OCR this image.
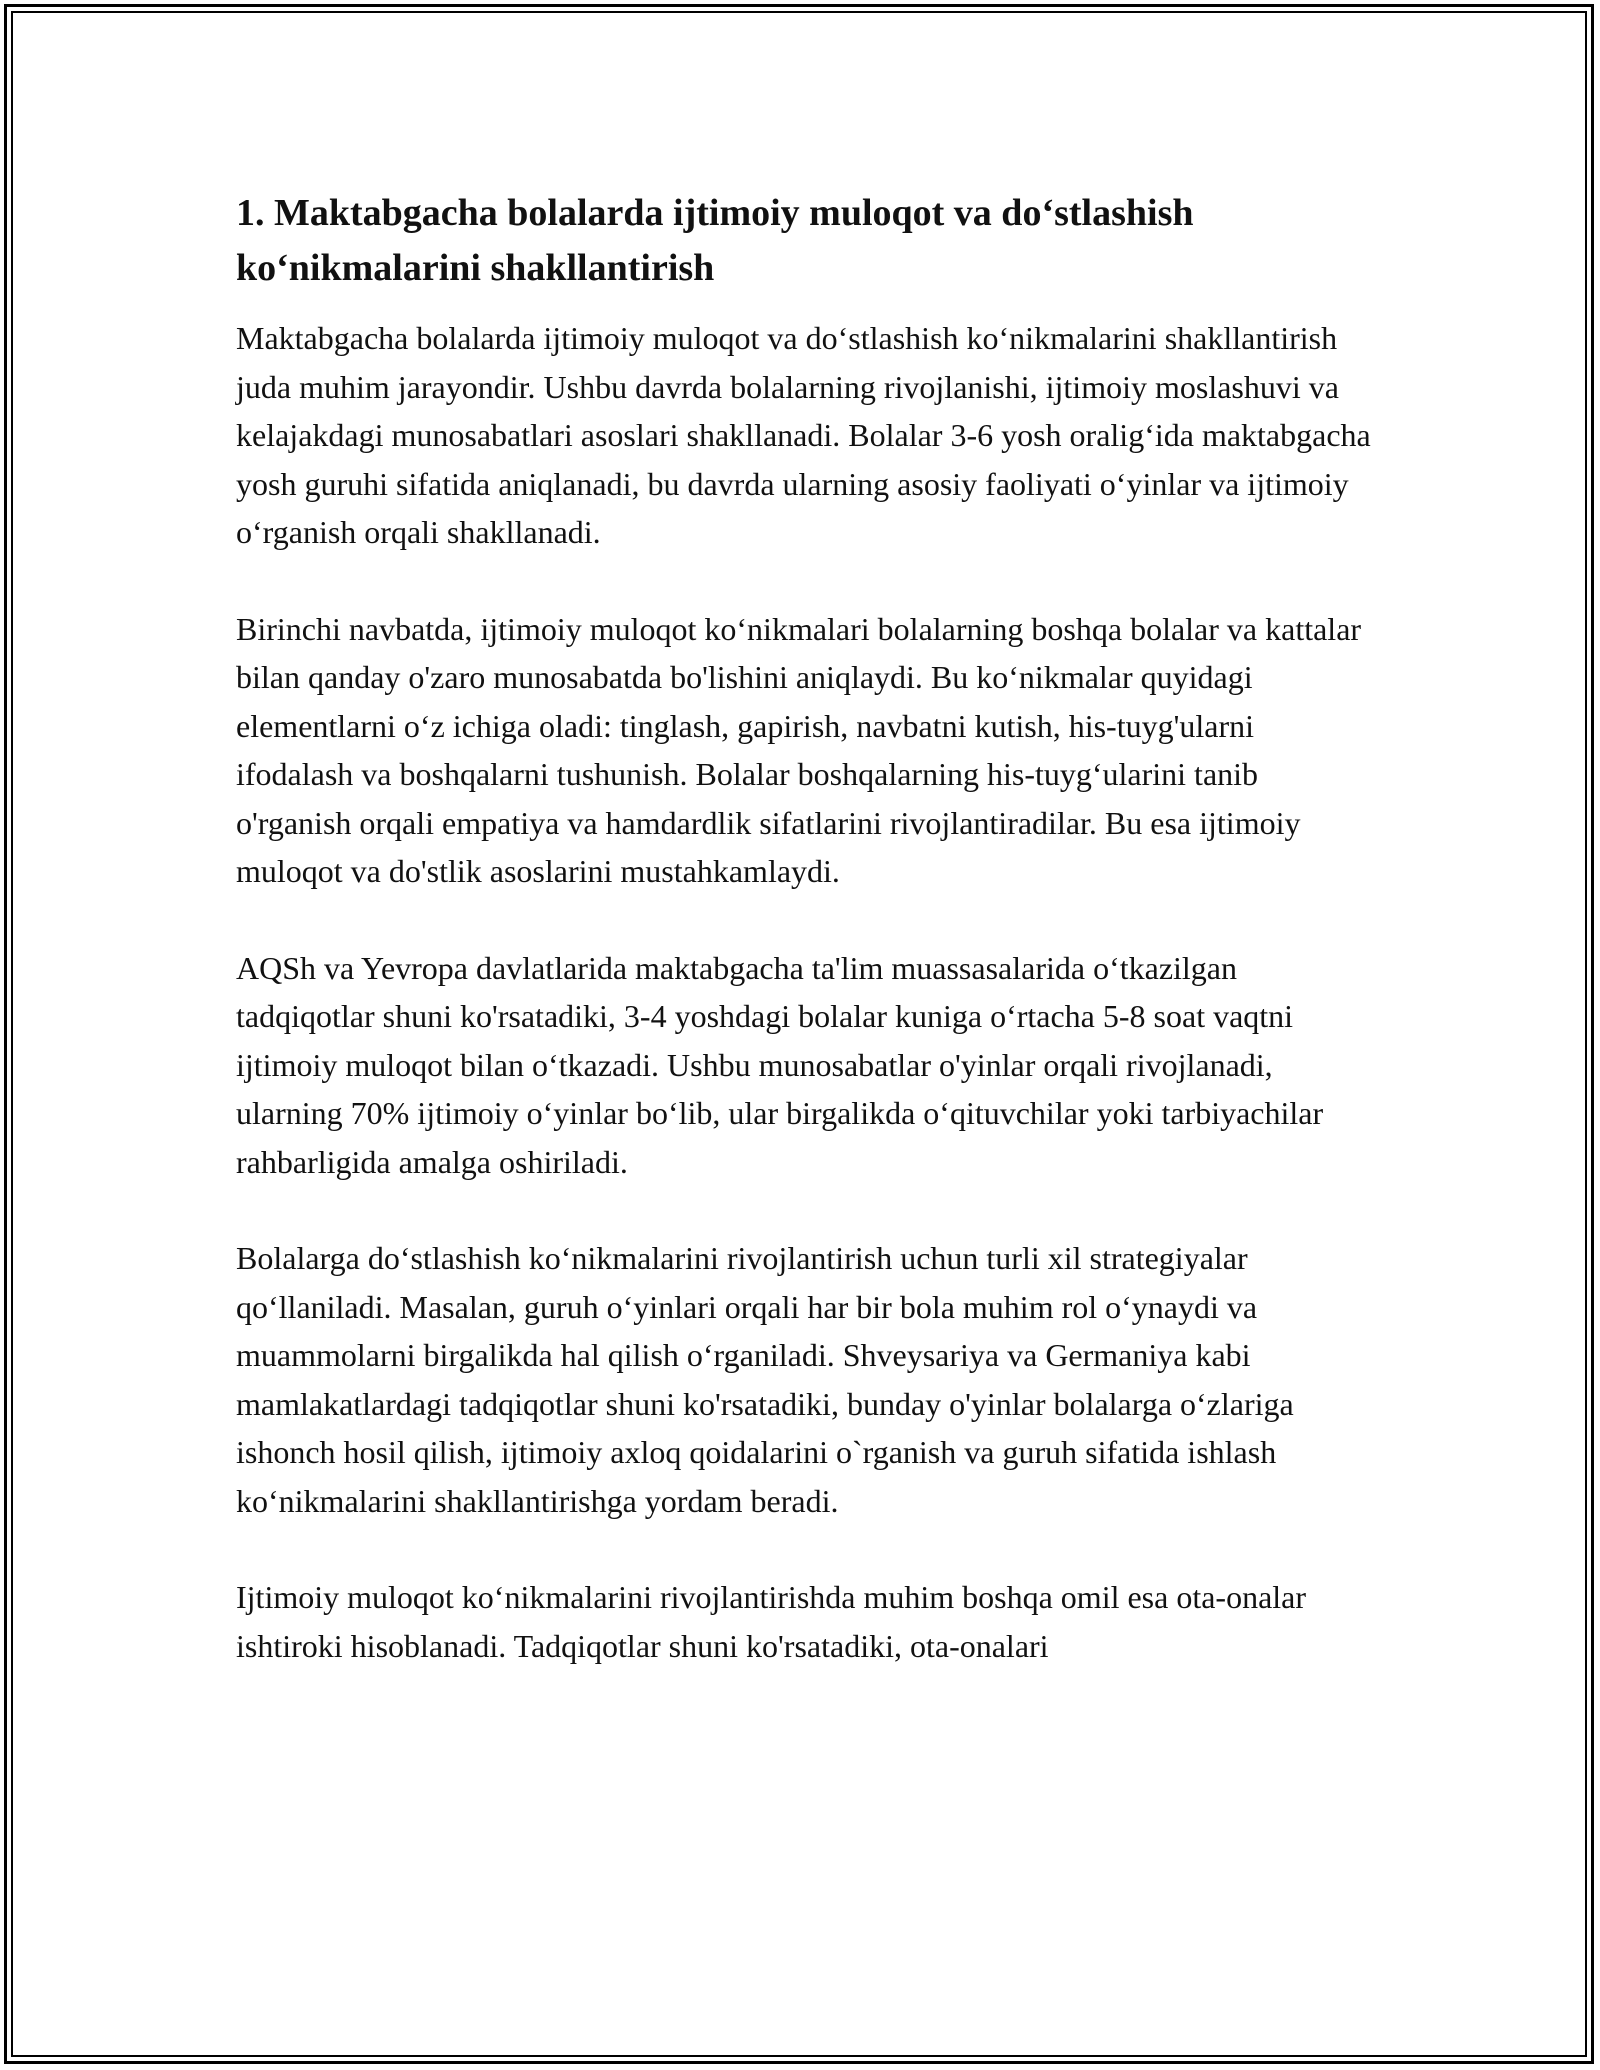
1. Maktabgacha bolalarda ijtimoiy muloqot va do‘stlashish ko‘nikmalarini shakllantirish

Maktabgacha bolalarda ijtimoiy muloqot va do‘stlashish ko‘nikmalarini shakllantirish juda muhim jarayondir. Ushbu davrda bolalarning rivojlanishi, ijtimoiy moslashuvi va kelajakdagi munosabatlari asoslari shakllanadi. Bolalar 3-6 yosh oralig‘ida maktabgacha yosh guruhi sifatida aniqlanadi, bu davrda ularning asosiy faoliyati o‘yinlar va ijtimoiy o‘rganish orqali shakllanadi.

Birinchi navbatda, ijtimoiy muloqot ko‘nikmalari bolalarning boshqa bolalar va kattalar bilan qanday o'zaro munosabatda bo'lishini aniqlaydi. Bu ko‘nikmalar quyidagi elementlarni o‘z ichiga oladi: tinglash, gapirish, navbatni kutish, his-tuyg'ularni ifodalash va boshqalarni tushunish. Bolalar boshqalarning his-tuyg‘ularini tanib o'rganish orqali empatiya va hamdardlik sifatlarini rivojlantiradilar. Bu esa ijtimoiy muloqot va do'stlik asoslarini mustahkamlaydi.

AQSh va Yevropa davlatlarida maktabgacha ta'lim muassasalarida o‘tkazilgan tadqiqotlar shuni ko'rsatadiki, 3-4 yoshdagi bolalar kuniga o‘rtacha 5-8 soat vaqtni ijtimoiy muloqot bilan o‘tkazadi. Ushbu munosabatlar o'yinlar orqali rivojlanadi, ularning 70% ijtimoiy o‘yinlar bo‘lib, ular birgalikda o‘qituvchilar yoki tarbiyachilar rahbarligida amalga oshiriladi.

Bolalarga do‘stlashish ko‘nikmalarini rivojlantirish uchun turli xil strategiyalar qo‘llaniladi. Masalan, guruh o‘yinlari orqali har bir bola muhim rol o‘ynaydi va muammolarni birgalikda hal qilish o‘rganiladi. Shveysariya va Germaniya kabi mamlakatlardagi tadqiqotlar shuni ko'rsatadiki, bunday o'yinlar bolalarga o‘zlariga ishonch hosil qilish, ijtimoiy axloq qoidalarini o`rganish va guruh sifatida ishlash ko‘nikmalarini shakllantirishga yordam beradi.

Ijtimoiy muloqot ko‘nikmalarini rivojlantirishda muhim boshqa omil esa ota-onalar ishtiroki hisoblanadi. Tadqiqotlar shuni ko'rsatadiki, ota-onalari
